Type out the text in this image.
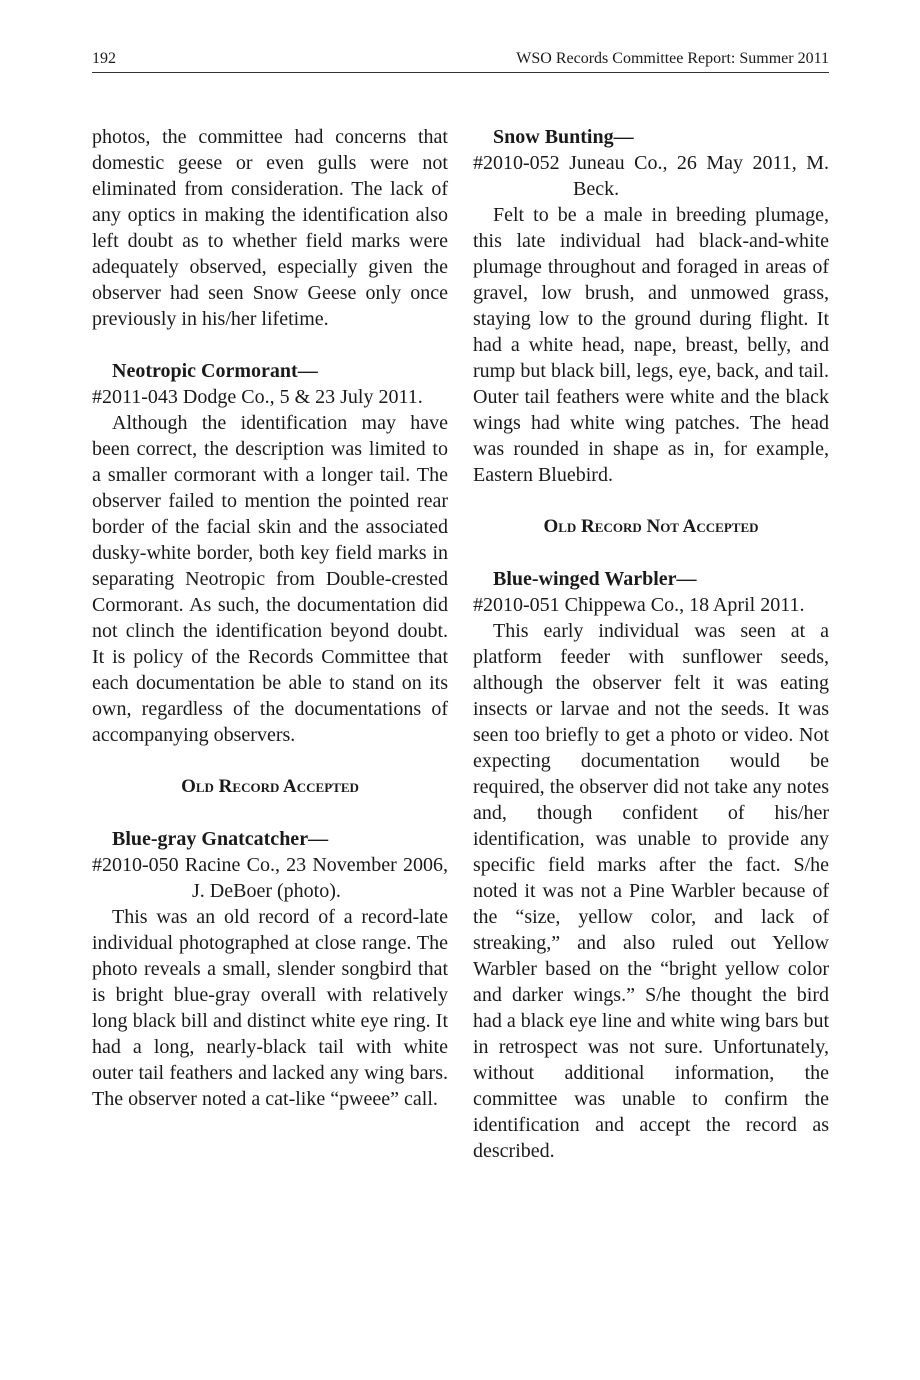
192	WSO Records Committee Report: Summer 2011

photos, the committee had concerns that domestic geese or even gulls were not eliminated from consideration. The lack of any optics in making the identification also left doubt as to whether field marks were adequately observed, especially given the observer had seen Snow Geese only once previously in his/her lifetime.

Neotropic Cormorant—

#2011-043 Dodge Co., 5 & 23 July 2011.

Although the identification may have been correct, the description was limited to a smaller cormorant with a longer tail. The observer failed to mention the pointed rear border of the facial skin and the associated dusky-white border, both key field marks in separating Neotropic from Double-crested Cormorant. As such, the documentation did not clinch the identification beyond doubt. It is policy of the Records Committee that each documentation be able to stand on its own, regardless of the documentations of accompanying observers.

Old Record Accepted

Blue-gray Gnatcatcher—

#2010-050 Racine Co., 23 November 2006, J. DeBoer (photo).

This was an old record of a record-late individual photographed at close range. The photo reveals a small, slender songbird that is bright blue-gray overall with relatively long black bill and distinct white eye ring. It had a long, nearly-black tail with white outer tail feathers and lacked any wing bars. The observer noted a cat-like “pweee” call.

Snow Bunting—

#2010-052 Juneau Co., 26 May 2011, M. Beck.

Felt to be a male in breeding plumage, this late individual had black-and-white plumage throughout and foraged in areas of gravel, low brush, and unmowed grass, staying low to the ground during flight. It had a white head, nape, breast, belly, and rump but black bill, legs, eye, back, and tail. Outer tail feathers were white and the black wings had white wing patches. The head was rounded in shape as in, for example, Eastern Bluebird.

Old Record Not Accepted

Blue-winged Warbler—

#2010-051 Chippewa Co., 18 April 2011.

This early individual was seen at a platform feeder with sunflower seeds, although the observer felt it was eating insects or larvae and not the seeds. It was seen too briefly to get a photo or video. Not expecting documentation would be required, the observer did not take any notes and, though confident of his/her identification, was unable to provide any specific field marks after the fact. S/he noted it was not a Pine Warbler because of the “size, yellow color, and lack of streaking,” and also ruled out Yellow Warbler based on the “bright yellow color and darker wings.” S/he thought the bird had a black eye line and white wing bars but in retrospect was not sure. Unfortunately, without additional information, the committee was unable to confirm the identification and accept the record as described.
